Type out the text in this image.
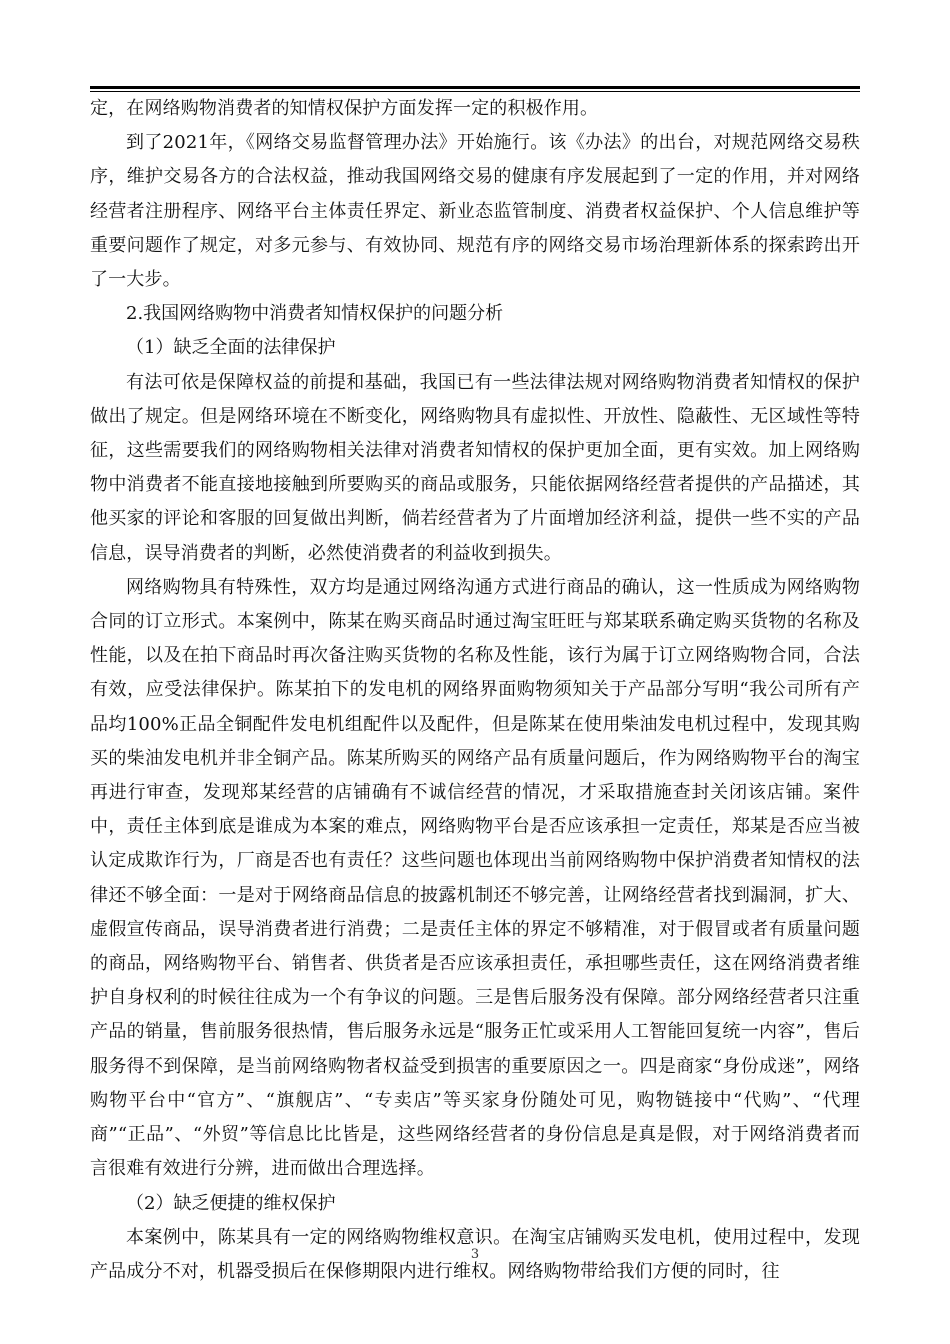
定，在网络购物消费者的知情权保护方面发挥一定的积极作用。

到了2021年，《网络交易监督管理办法》开始施行。该《办法》的出台，对规范网络交易秩序，维护交易各方的合法权益，推动我国网络交易的健康有序发展起到了一定的作用，并对网络经营者注册程序、网络平台主体责任界定、新业态监管制度、消费者权益保护、个人信息维护等重要问题作了规定，对多元参与、有效协同、规范有序的网络交易市场治理新体系的探索跨出开了一大步。

2.我国网络购物中消费者知情权保护的问题分析

（1）缺乏全面的法律保护

有法可依是保障权益的前提和基础，我国已有一些法律法规对网络购物消费者知情权的保护做出了规定。但是网络环境在不断变化，网络购物具有虚拟性、开放性、隐蔽性、无区域性等特征，这些需要我们的网络购物相关法律对消费者知情权的保护更加全面，更有实效。加上网络购物中消费者不能直接地接触到所要购买的商品或服务，只能依据网络经营者提供的产品描述，其他买家的评论和客服的回复做出判断，倘若经营者为了片面增加经济利益，提供一些不实的产品信息，误导消费者的判断，必然使消费者的利益收到损失。

网络购物具有特殊性，双方均是通过网络沟通方式进行商品的确认，这一性质成为网络购物合同的订立形式。本案例中，陈某在购买商品时通过淘宝旺旺与郑某联系确定购买货物的名称及性能，以及在拍下商品时再次备注购买货物的名称及性能，该行为属于订立网络购物合同，合法有效，应受法律保护。陈某拍下的发电机的网络界面购物须知关于产品部分写明“我公司所有产品均100%正品全铜配件发电机组配件以及配件，但是陈某在使用柴油发电机过程中，发现其购买的柴油发电机并非全铜产品。陈某所购买的网络产品有质量问题后，作为网络购物平台的淘宝再进行审查，发现郑某经营的店铺确有不诚信经营的情况，才采取措施查封关闭该店铺。案件中，责任主体到底是谁成为本案的难点，网络购物平台是否应该承担一定责任，郑某是否应当被认定成欺诈行为，厂商是否也有责任？这些问题也体现出当前网络购物中保护消费者知情权的法律还不够全面：一是对于网络商品信息的披露机制还不够完善，让网络经营者找到漏洞，扩大、虚假宣传商品，误导消费者进行消费；二是责任主体的界定不够精准，对于假冒或者有质量问题的商品，网络购物平台、销售者、供货者是否应该承担责任，承担哪些责任，这在网络消费者维护自身权利的时候往往成为一个有争议的问题。三是售后服务没有保障。部分网络经营者只注重产品的销量，售前服务很热情，售后服务永远是“服务正忙或采用人工智能回复统一内容”，售后服务得不到保障，是当前网络购物者权益受到损害的重要原因之一。四是商家“身份成迷”，网络购物平台中“官方”、“旗舰店”、“专卖店”等买家身份随处可见，购物链接中“代购”、“代理商”“正品”、“外贸”等信息比比皆是，这些网络经营者的身份信息是真是假，对于网络消费者而言很难有效进行分辨，进而做出合理选择。

（2）缺乏便捷的维权保护

本案例中，陈某具有一定的网络购物维权意识。在淘宝店铺购买发电机，使用过程中，发现产品成分不对，机器受损后在保修期限内进行维权。网络购物带给我们方便的同时，往

3
